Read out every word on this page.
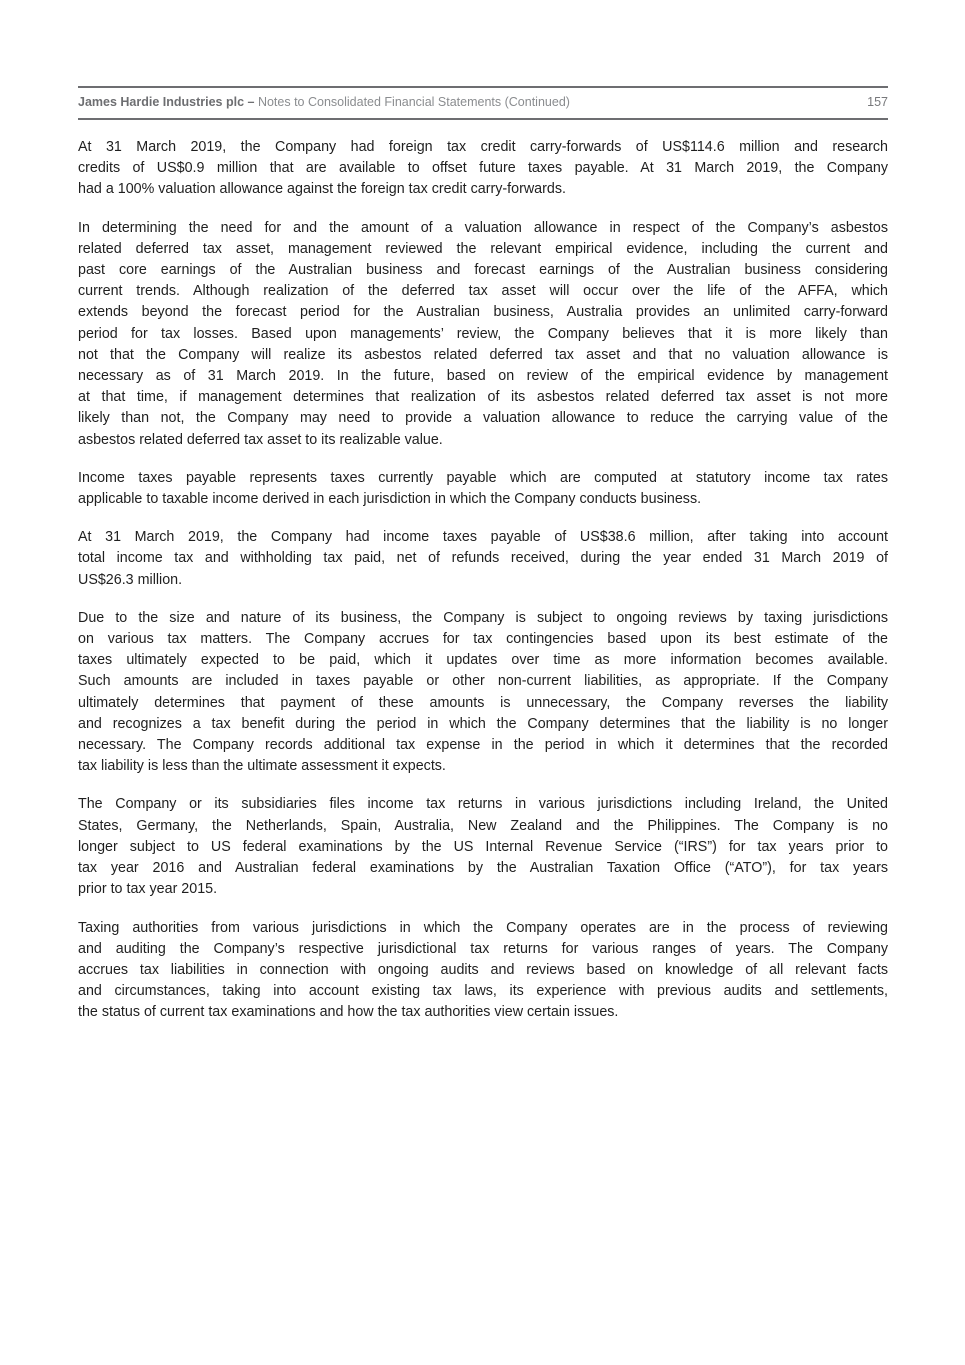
James Hardie Industries plc – Notes to Consolidated Financial Statements (Continued)	157

At 31 March 2019, the Company had foreign tax credit carry-forwards of US$114.6 million and research
credits of US$0.9 million that are available to offset future taxes payable. At 31 March 2019, the Company
had a 100% valuation allowance against the foreign tax credit carry-forwards.

In determining the need for and the amount of a valuation allowance in respect of the Company’s asbestos
related deferred tax asset, management reviewed the relevant empirical evidence, including the current and
past core earnings of the Australian business and forecast earnings of the Australian business considering
current trends. Although realization of the deferred tax asset will occur over the life of the AFFA, which
extends beyond the forecast period for the Australian business, Australia provides an unlimited carry-forward
period for tax losses. Based upon managements’ review, the Company believes that it is more likely than
not that the Company will realize its asbestos related deferred tax asset and that no valuation allowance is
necessary as of 31 March 2019. In the future, based on review of the empirical evidence by management
at that time, if management determines that realization of its asbestos related deferred tax asset is not more
likely than not, the Company may need to provide a valuation allowance to reduce the carrying value of the
asbestos related deferred tax asset to its realizable value.

Income taxes payable represents taxes currently payable which are computed at statutory income tax rates
applicable to taxable income derived in each jurisdiction in which the Company conducts business.

At 31 March 2019, the Company had income taxes payable of US$38.6 million, after taking into account
total income tax and withholding tax paid, net of refunds received, during the year ended 31 March 2019 of
US$26.3 million.

Due to the size and nature of its business, the Company is subject to ongoing reviews by taxing jurisdictions
on various tax matters. The Company accrues for tax contingencies based upon its best estimate of the
taxes ultimately expected to be paid, which it updates over time as more information becomes available.
Such amounts are included in taxes payable or other non-current liabilities, as appropriate. If the Company
ultimately determines that payment of these amounts is unnecessary, the Company reverses the liability
and recognizes a tax benefit during the period in which the Company determines that the liability is no longer
necessary. The Company records additional tax expense in the period in which it determines that the recorded
tax liability is less than the ultimate assessment it expects.

The Company or its subsidiaries files income tax returns in various jurisdictions including Ireland, the United
States, Germany, the Netherlands, Spain, Australia, New Zealand and the Philippines. The Company is no
longer subject to US federal examinations by the US Internal Revenue Service (“IRS”) for tax years prior to
tax year 2016 and Australian federal examinations by the Australian Taxation Office (“ATO”), for tax years
prior to tax year 2015.

Taxing authorities from various jurisdictions in which the Company operates are in the process of reviewing
and auditing the Company’s respective jurisdictional tax returns for various ranges of years. The Company
accrues tax liabilities in connection with ongoing audits and reviews based on knowledge of all relevant facts
and circumstances, taking into account existing tax laws, its experience with previous audits and settlements,
the status of current tax examinations and how the tax authorities view certain issues.
